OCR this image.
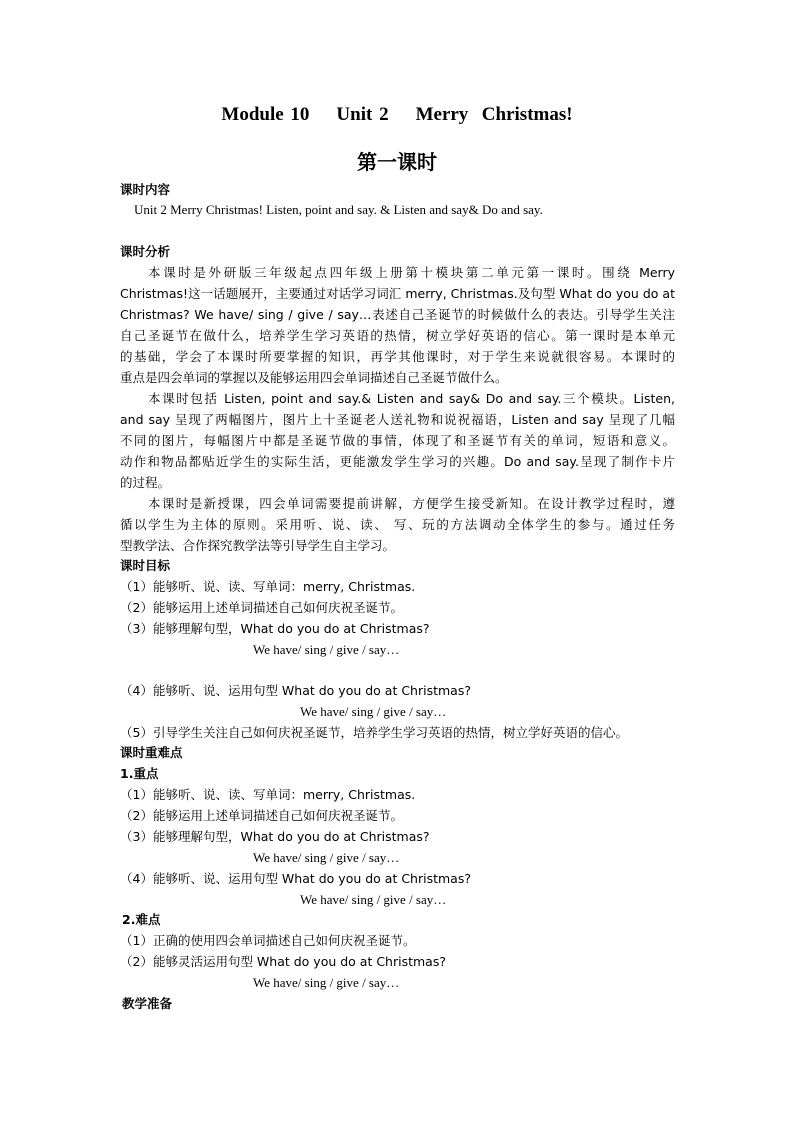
Module 10    Unit 2    Merry  Christmas!
第一课时
课时内容
Unit 2 Merry Christmas! Listen, point and say. & Listen and say& Do and say.
课时分析
本课时是外研版三年级起点四年级上册第十模块第二单元第一课时。围绕 Merry
Christmas!这一话题展开，主要通过对话学习词汇 merry, Christmas.及句型 What do you do at
Christmas? We have/ sing / give / say…表述自己圣诞节的时候做什么的表达。引导学生关注
自己圣诞节在做什么，培养学生学习英语的热情，树立学好英语的信心。第一课时是本单元
的基础，学会了本课时所要掌握的知识，再学其他课时，对于学生来说就很容易。本课时的
重点是四会单词的掌握以及能够运用四会单词描述自己圣诞节做什么。
本课时包括 Listen, point and say.& Listen and say& Do and say.三个模块。Listen,
and say 呈现了两幅图片，图片上十圣诞老人送礼物和说祝福语，Listen and say 呈现了几幅
不同的图片，每幅图片中都是圣诞节做的事情，体现了和圣诞节有关的单词，短语和意义。
动作和物品都贴近学生的实际生活，更能激发学生学习的兴趣。Do and say.呈现了制作卡片
的过程。
本课时是新授课，四会单词需要提前讲解，方便学生接受新知。在设计教学过程时，遵
循以学生为主体的原则。采用听、说、读、 写、玩的方法调动全体学生的参与。通过任务
型教学法、合作探究教学法等引导学生自主学习。
课时目标
（1）能够听、说、读、写单词：merry, Christmas.
（2）能够运用上述单词描述自己如何庆祝圣诞节。
（3）能够理解句型，What do you do at Christmas?
We have/ sing / give / say…
（4）能够听、说、运用句型 What do you do at Christmas?
We have/ sing / give / say…
（5）引导学生关注自己如何庆祝圣诞节，培养学生学习英语的热情，树立学好英语的信心。
课时重难点
1.重点
（1）能够听、说、读、写单词：merry, Christmas.
（2）能够运用上述单词描述自己如何庆祝圣诞节。
（3）能够理解句型，What do you do at Christmas?
We have/ sing / give / say…
（4）能够听、说、运用句型 What do you do at Christmas?
We have/ sing / give / say…
2.难点
（1）正确的使用四会单词描述自己如何庆祝圣诞节。
（2）能够灵活运用句型 What do you do at Christmas?
We have/ sing / give / say…
教学准备
